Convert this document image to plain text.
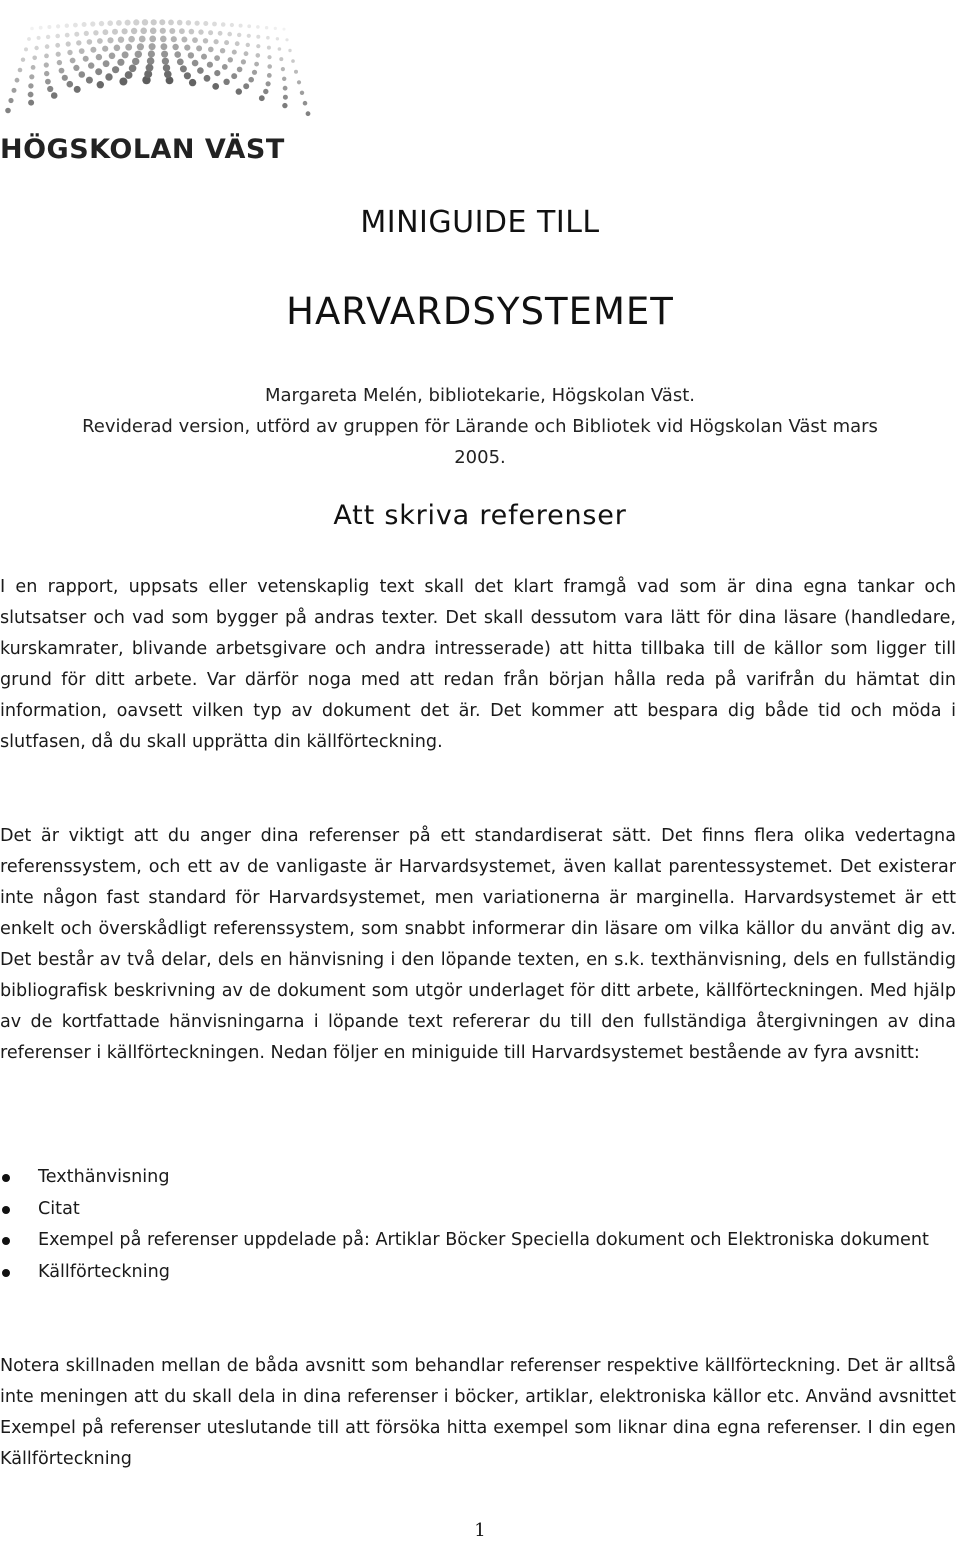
HÖGSKOLAN VÄST
MINIGUIDE TILL
HARVARDSYSTEMET
Margareta Melén, bibliotekarie, Högskolan Väst.
Reviderad version, utförd av gruppen för Lärande och Bibliotek vid Högskolan Väst mars
2005.
Att skriva referenser

I en rapport, uppsats eller vetenskaplig text skall det klart framgå vad som är dina egna tankar och slutsatser och vad som bygger på andras texter. Det skall dessutom vara lätt för dina läsare (handledare, kurskamrater, blivande arbetsgivare och andra intresserade) att hitta tillbaka till de källor som ligger till grund för ditt arbete. Var därför noga med att redan från början hålla reda på varifrån du hämtat din information, oavsett vilken typ av dokument det är. Det kommer att bespara dig både tid och möda i slutfasen, då du skall upprätta din källförteckning.

Det är viktigt att du anger dina referenser på ett standardiserat sätt. Det finns flera olika vedertagna referenssystem, och ett av de vanligaste är Harvardsystemet, även kallat parentessystemet. Det existerar inte någon fast standard för Harvardsystemet, men variationerna är marginella. Harvardsystemet är ett enkelt och överskådligt referenssystem, som snabbt informerar din läsare om vilka källor du använt dig av. Det består av två delar, dels en hänvisning i den löpande texten, en s.k. texthänvisning, dels en fullständig bibliografisk beskrivning av de dokument som utgör underlaget för ditt arbete, källförteckningen. Med hjälp av de kortfattade hänvisningarna i löpande text refererar du till den fullständiga återgivningen av dina referenser i källförteckningen. Nedan följer en miniguide till Harvardsystemet bestående av fyra avsnitt:

Texthänvisning
Citat
Exempel på referenser uppdelade på: Artiklar Böcker Speciella dokument och Elektroniska dokument
Källförteckning

Notera skillnaden mellan de båda avsnitt som behandlar referenser respektive källförteckning. Det är alltså inte meningen att du skall dela in dina referenser i böcker, artiklar, elektroniska källor etc. Använd avsnittet Exempel på referenser uteslutande till att försöka hitta exempel som liknar dina egna referenser. I din egen Källförteckning

1
